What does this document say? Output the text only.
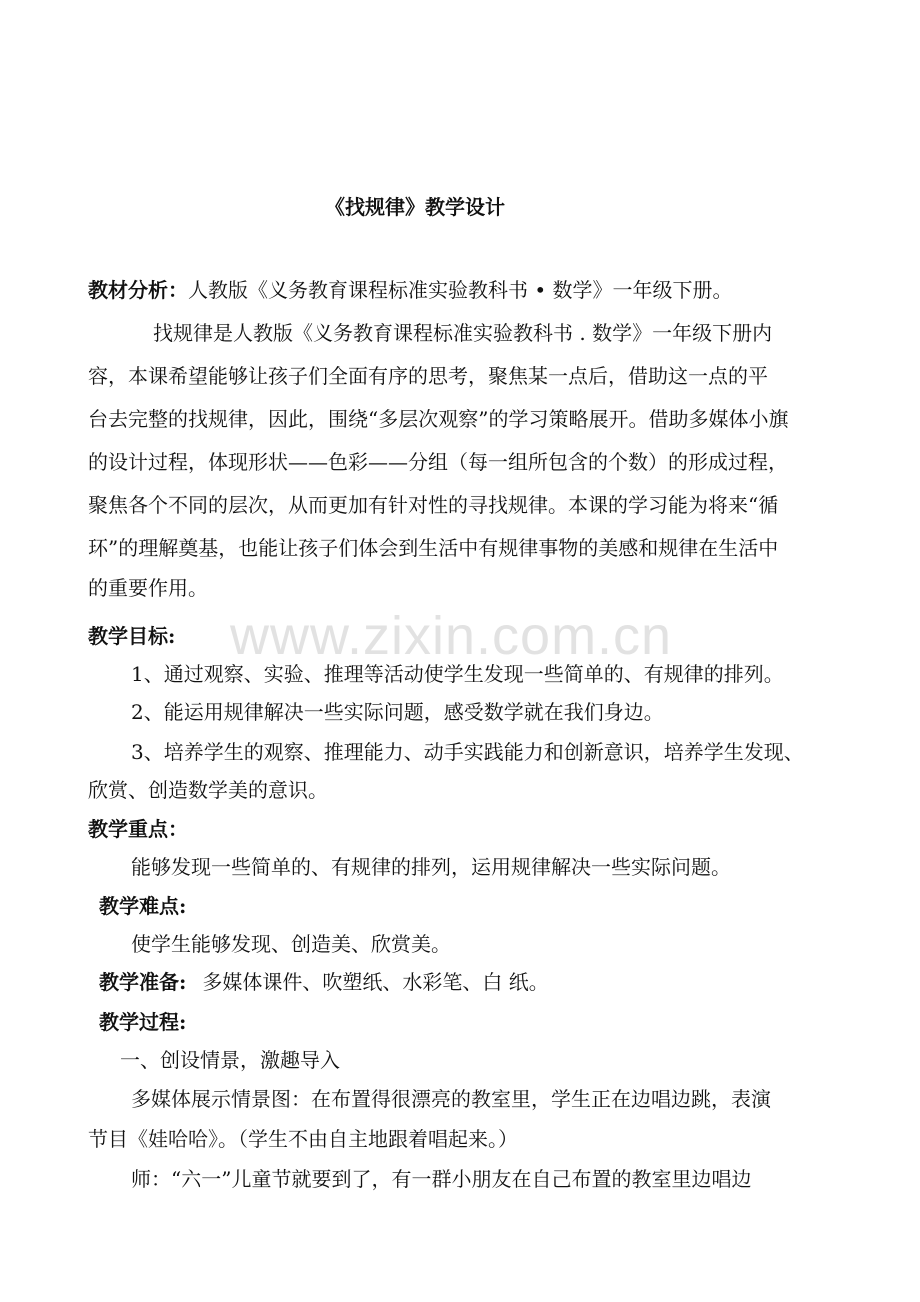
《找规律》教学设计
教材分析：人教版《义务教育课程标准实验教科书 • 数学》一年级下册。
找规律是人教版《义务教育课程标准实验教科书 . 数学》一年级下册内
容，本课希望能够让孩子们全面有序的思考，聚焦某一点后，借助这一点的平
台去完整的找规律，因此，围绕“多层次观察”的学习策略展开。借助多媒体小旗
的设计过程，体现形状——色彩——分组（每一组所包含的个数）的形成过程，
聚焦各个不同的层次，从而更加有针对性的寻找规律。本课的学习能为将来“循
环”的理解奠基，也能让孩子们体会到生活中有规律事物的美感和规律在生活中
的重要作用。
www.zixin.com.cn
教学目标:
1、通过观察、实验、推理等活动使学生发现一些简单的、有规律的排列。
2、能运用规律解决一些实际问题，感受数学就在我们身边。
3、培养学生的观察、推理能力、动手实践能力和创新意识，培养学生发现、
欣赏、创造数学美的意识。
教学重点：
能够发现一些简单的、有规律的排列，运用规律解决一些实际问题。
教学难点:
使学生能够发现、创造美、欣赏美。
教学准备: 多媒体课件、吹塑纸、水彩笔、白 纸。
教学过程:
一、创设情景，激趣导入
多媒体展示情景图：在布置得很漂亮的教室里，学生正在边唱边跳，表演
节目《娃哈哈》。（学生不由自主地跟着唱起来。）
师：“六一”儿童节就要到了，有一群小朋友在自己布置的教室里边唱边
